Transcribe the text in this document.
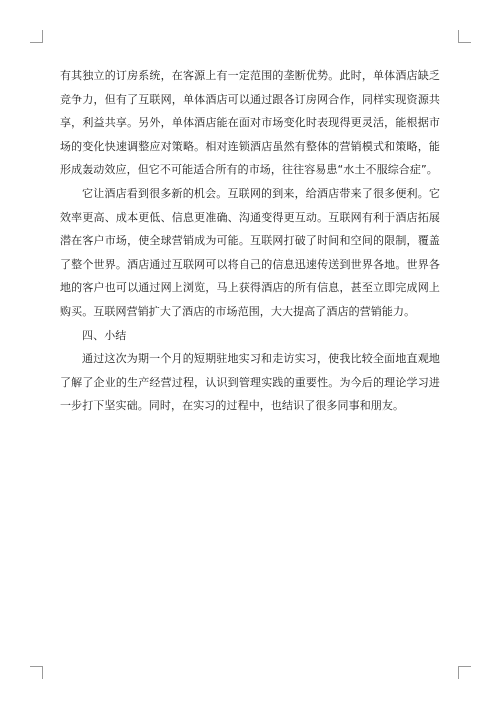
有其独立的订房系统，在客源上有一定范围的垄断优势。此时，单体酒店缺乏竞争力，但有了互联网，单体酒店可以通过跟各订房网合作，同样实现资源共享，利益共享。另外，单体酒店能在面对市场变化时表现得更灵活，能根据市场的变化快速调整应对策略。相对连锁酒店虽然有整体的营销模式和策略，能形成轰动效应，但它不可能适合所有的市场，往往容易患“水土不服综合症”。

它让酒店看到很多新的机会。互联网的到来，给酒店带来了很多便利。它效率更高、成本更低、信息更准确、沟通变得更互动。互联网有利于酒店拓展潜在客户市场，使全球营销成为可能。互联网打破了时间和空间的限制，覆盖了整个世界。酒店通过互联网可以将自己的信息迅速传送到世界各地。世界各地的客户也可以通过网上浏览，马上获得酒店的所有信息，甚至立即完成网上购买。互联网营销扩大了酒店的市场范围，大大提高了酒店的营销能力。

四、小结

通过这次为期一个月的短期驻地实习和走访实习，使我比较全面地直观地了解了企业的生产经营过程，认识到管理实践的重要性。为今后的理论学习进一步打下坚实础。同时，在实习的过程中，也结识了很多同事和朋友。
